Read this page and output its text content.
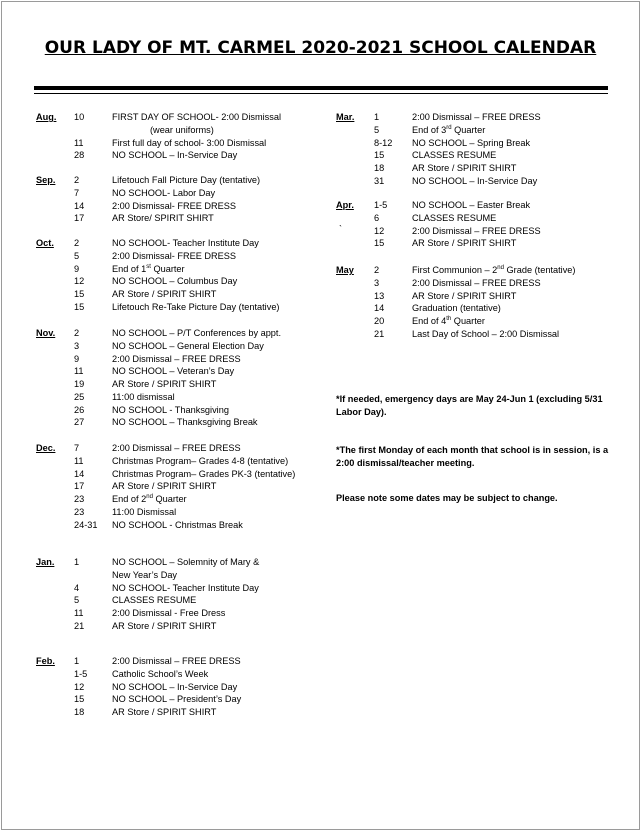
OUR LADY OF MT. CARMEL 2020-2021 SCHOOL CALENDAR
Aug. 10	FIRST DAY OF SCHOOL- 2:00 Dismissal
(wear uniforms)
11	First full day of school- 3:00 Dismissal
28	NO SCHOOL – In-Service Day
Sep. 2	Lifetouch Fall Picture Day (tentative)
7	NO SCHOOL- Labor Day
14	2:00 Dismissal- FREE DRESS
17	AR Store/ SPIRIT SHIRT
Oct. 2	NO SCHOOL- Teacher Institute Day
5	2:00 Dismissal- FREE DRESS
9	End of 1st Quarter
12	NO SCHOOL – Columbus Day
15	AR Store / SPIRIT SHIRT
15	Lifetouch Re-Take Picture Day (tentative)
Nov. 2	NO SCHOOL – P/T Conferences by appt.
3	NO SCHOOL – General Election Day
9	2:00 Dismissal – FREE DRESS
11	NO SCHOOL – Veteran’s Day
19	AR Store / SPIRIT SHIRT
25	11:00 dismissal
26	NO SCHOOL - Thanksgiving
27	NO SCHOOL – Thanksgiving Break
Dec. 7	2:00 Dismissal – FREE DRESS
11	Christmas Program– Grades 4-8 (tentative)
14	Christmas Program– Grades PK-3 (tentative)
17	AR Store / SPIRIT SHIRT
23	End of 2nd Quarter
23	11:00 Dismissal
24-31 NO SCHOOL - Christmas Break
Jan. 1	NO SCHOOL – Solemnity of Mary &
New Year’s Day
4	NO SCHOOL- Teacher Institute Day
5	CLASSES RESUME
11	2:00 Dismissal - Free Dress
21	AR Store / SPIRIT SHIRT
Feb. 1	2:00 Dismissal – FREE DRESS
1-5	Catholic School’s Week
12	NO SCHOOL – In-Service Day
15	NO SCHOOL – President’s Day
18	AR Store / SPIRIT SHIRT
Mar. 1	2:00 Dismissal – FREE DRESS
5	End of 3rd Quarter
8-12 NO SCHOOL – Spring Break
15	CLASSES RESUME
18	AR Store / SPIRIT SHIRT
31	NO SCHOOL – In-Service Day
Apr. 1-5	NO SCHOOL – Easter Break
6	CLASSES RESUME
12	2:00 Dismissal – FREE DRESS
15	AR Store / SPIRIT SHIRT
May 2	First Communion – 2nd Grade (tentative)
3	2:00 Dismissal – FREE DRESS
13	AR Store / SPIRIT SHIRT
14	Graduation (tentative)
20	End of 4th Quarter
21	Last Day of School – 2:00 Dismissal
`
*If needed, emergency days are May 24-Jun 1 (excluding 5/31 Labor Day).
*The first Monday of each month that school is in session, is a 2:00 dismissal/teacher meeting.
Please note some dates may be subject to change.
